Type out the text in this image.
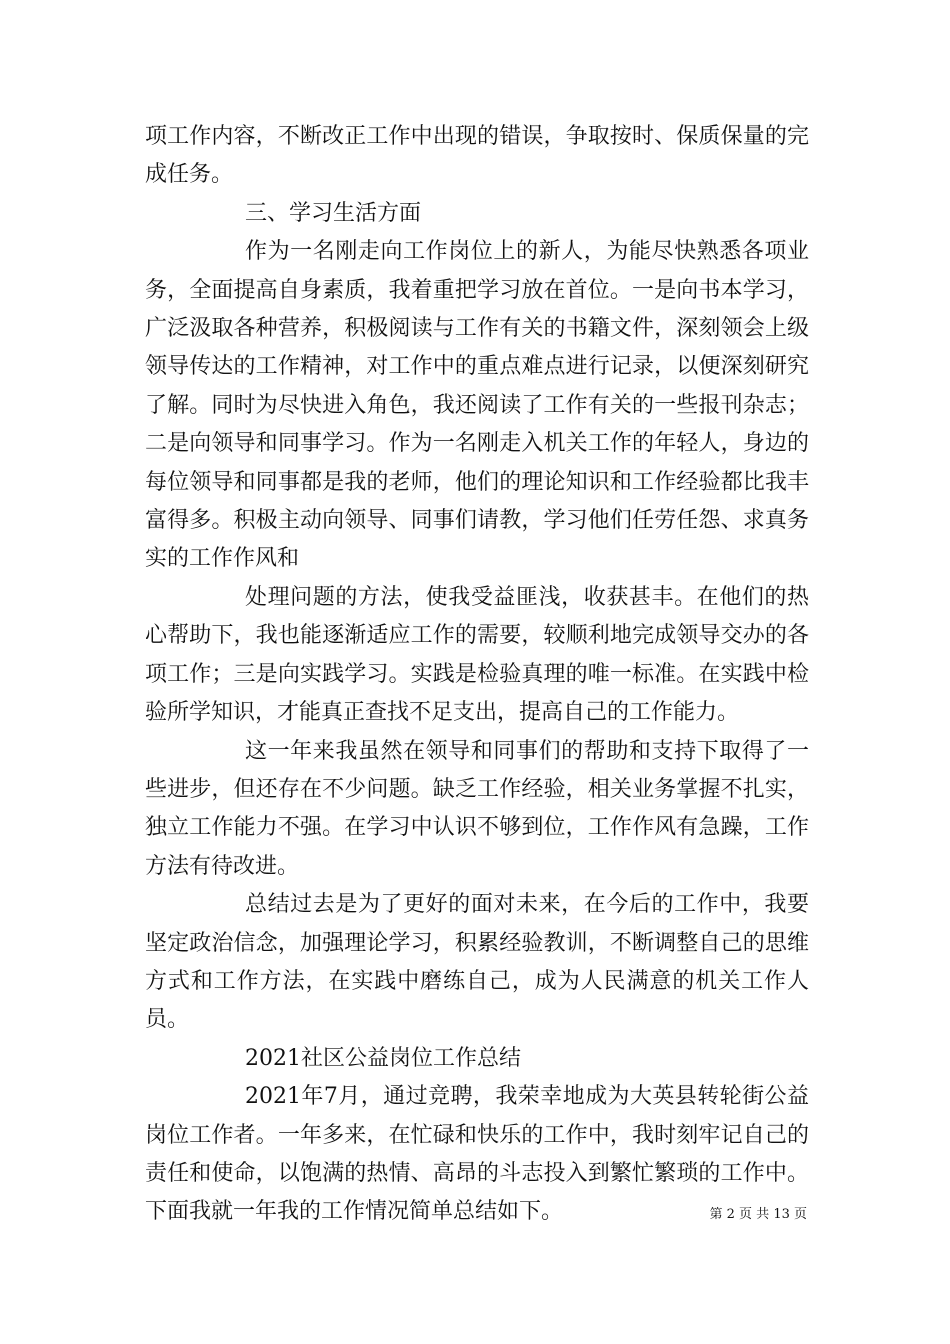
项工作内容，不断改正工作中出现的错误，争取按时、保质保量的完成任务。

三、学习生活方面

作为一名刚走向工作岗位上的新人，为能尽快熟悉各项业务，全面提高自身素质，我着重把学习放在首位。一是向书本学习，广泛汲取各种营养，积极阅读与工作有关的书籍文件，深刻领会上级领导传达的工作精神，对工作中的重点难点进行记录，以便深刻研究了解。同时为尽快进入角色，我还阅读了工作有关的一些报刊杂志；二是向领导和同事学习。作为一名刚走入机关工作的年轻人，身边的每位领导和同事都是我的老师，他们的理论知识和工作经验都比我丰富得多。积极主动向领导、同事们请教，学习他们任劳任怨、求真务实的工作作风和

处理问题的方法，使我受益匪浅，收获甚丰。在他们的热心帮助下，我也能逐渐适应工作的需要，较顺利地完成领导交办的各项工作；三是向实践学习。实践是检验真理的唯一标准。在实践中检验所学知识，才能真正查找不足支出，提高自己的工作能力。

这一年来我虽然在领导和同事们的帮助和支持下取得了一些进步，但还存在不少问题。缺乏工作经验，相关业务掌握不扎实，独立工作能力不强。在学习中认识不够到位，工作作风有急躁，工作方法有待改进。

总结过去是为了更好的面对未来，在今后的工作中，我要坚定政治信念，加强理论学习，积累经验教训，不断调整自己的思维方式和工作方法，在实践中磨练自己，成为人民满意的机关工作人员。

2021社区公益岗位工作总结

2021年7月，通过竞聘，我荣幸地成为大英县转轮街公益岗位工作者。一年多来，在忙碌和快乐的工作中，我时刻牢记自己的责任和使命，以饱满的热情、高昂的斗志投入到繁忙繁琐的工作中。下面我就一年我的工作情况简单总结如下。	第 2 页 共 13 页
